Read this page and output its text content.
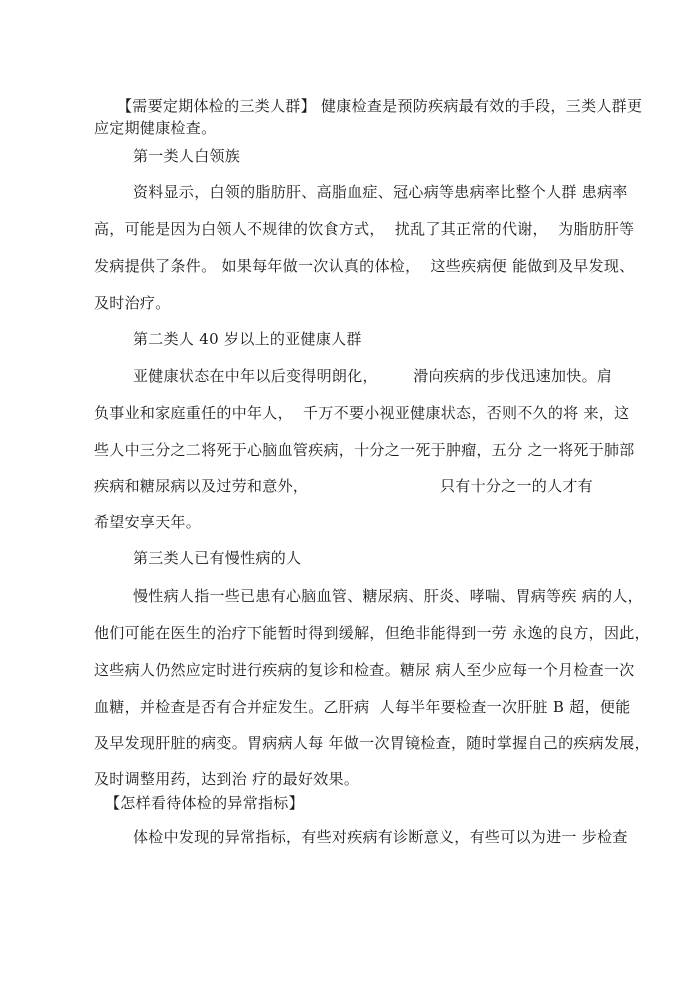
【需要定期体检的三类人群】 健康检查是预防疾病最有效的手段，三类人群更
应定期健康检查。
第一类人白领族
资料显示，白领的脂肪肝、高脂血症、冠心病等患病率比整个人群 患病率
高，可能是因为白领人不规律的饮食方式，  扰乱了其正常的代谢，  为脂肪肝等
发病提供了条件。 如果每年做一次认真的体检，  这些疾病便 能做到及早发现、
及时治疗。
第二类人 40 岁以上的亚健康人群
亚健康状态在中年以后变得明朗化，       滑向疾病的步伐迅速加快。肩
负事业和家庭重任的中年人，  千万不要小视亚健康状态，否则不久的将 来，这
些人中三分之二将死于心脑血管疾病，十分之一死于肿瘤，五分 之一将死于肺部
疾病和糖尿病以及过劳和意外，                          只有十分之一的人才有
希望安享天年。
第三类人已有慢性病的人
慢性病人指一些已患有心脑血管、糖尿病、肝炎、哮喘、胃病等疾 病的人，
他们可能在医生的治疗下能暂时得到缓解，但绝非能得到一劳 永逸的良方，因此，
这些病人仍然应定时进行疾病的复诊和检查。糖尿 病人至少应每一个月检查一次
血糖，并检查是否有合并症发生。乙肝病  人每半年要检查一次肝脏 B 超，便能
及早发现肝脏的病变。胃病病人每 年做一次胃镜检查，随时掌握自己的疾病发展，
及时调整用药，达到治 疗的最好效果。
【怎样看待体检的异常指标】
体检中发现的异常指标，有些对疾病有诊断意义，有些可以为进一 步检查
